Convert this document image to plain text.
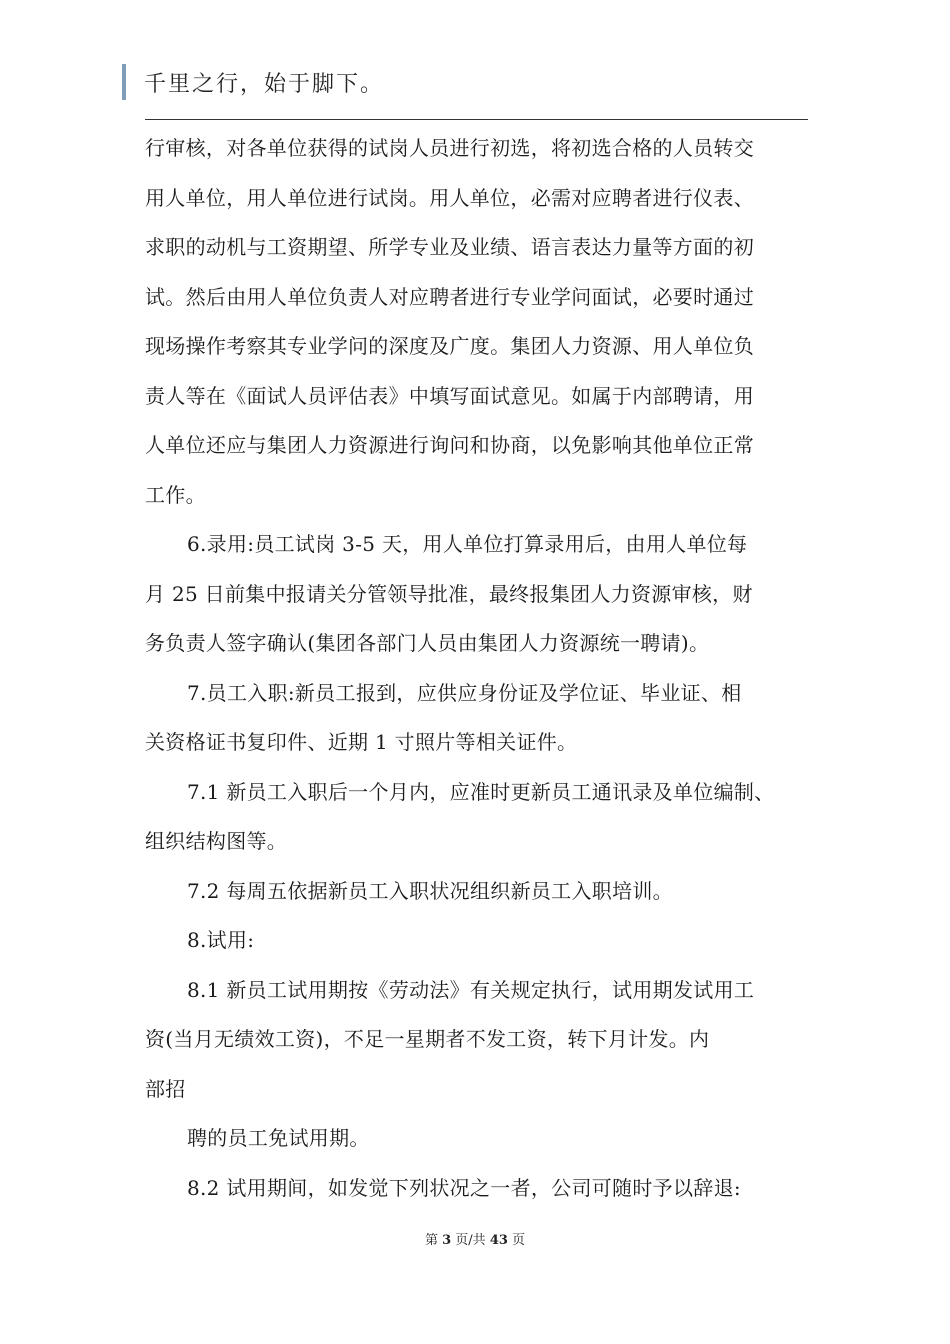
千里之行，始于脚下。
行审核，对各单位获得的试岗人员进行初选，将初选合格的人员转交
用人单位，用人单位进行试岗。用人单位，必需对应聘者进行仪表、
求职的动机与工资期望、所学专业及业绩、语言表达力量等方面的初
试。然后由用人单位负责人对应聘者进行专业学问面试，必要时通过
现场操作考察其专业学问的深度及广度。集团人力资源、用人单位负
责人等在《面试人员评估表》中填写面试意见。如属于内部聘请，用
人单位还应与集团人力资源进行询问和协商，以免影响其他单位正常
工作。
6.录用:员工试岗 3-5 天，用人单位打算录用后，由用人单位每
月 25 日前集中报请关分管领导批准，最终报集团人力资源审核，财
务负责人签字确认(集团各部门人员由集团人力资源统一聘请)。
7.员工入职:新员工报到，应供应身份证及学位证、毕业证、相
关资格证书复印件、近期 1 寸照片等相关证件。
7.1 新员工入职后一个月内，应准时更新员工通讯录及单位编制、
组织结构图等。
7.2 每周五依据新员工入职状况组织新员工入职培训。
8.试用:
8.1 新员工试用期按《劳动法》有关规定执行，试用期发试用工
资(当月无绩效工资)，不足一星期者不发工资，转下月计发。内
部招
聘的员工免试用期。
8.2 试用期间，如发觉下列状况之一者，公司可随时予以辞退:
第 3 页/共 43 页
